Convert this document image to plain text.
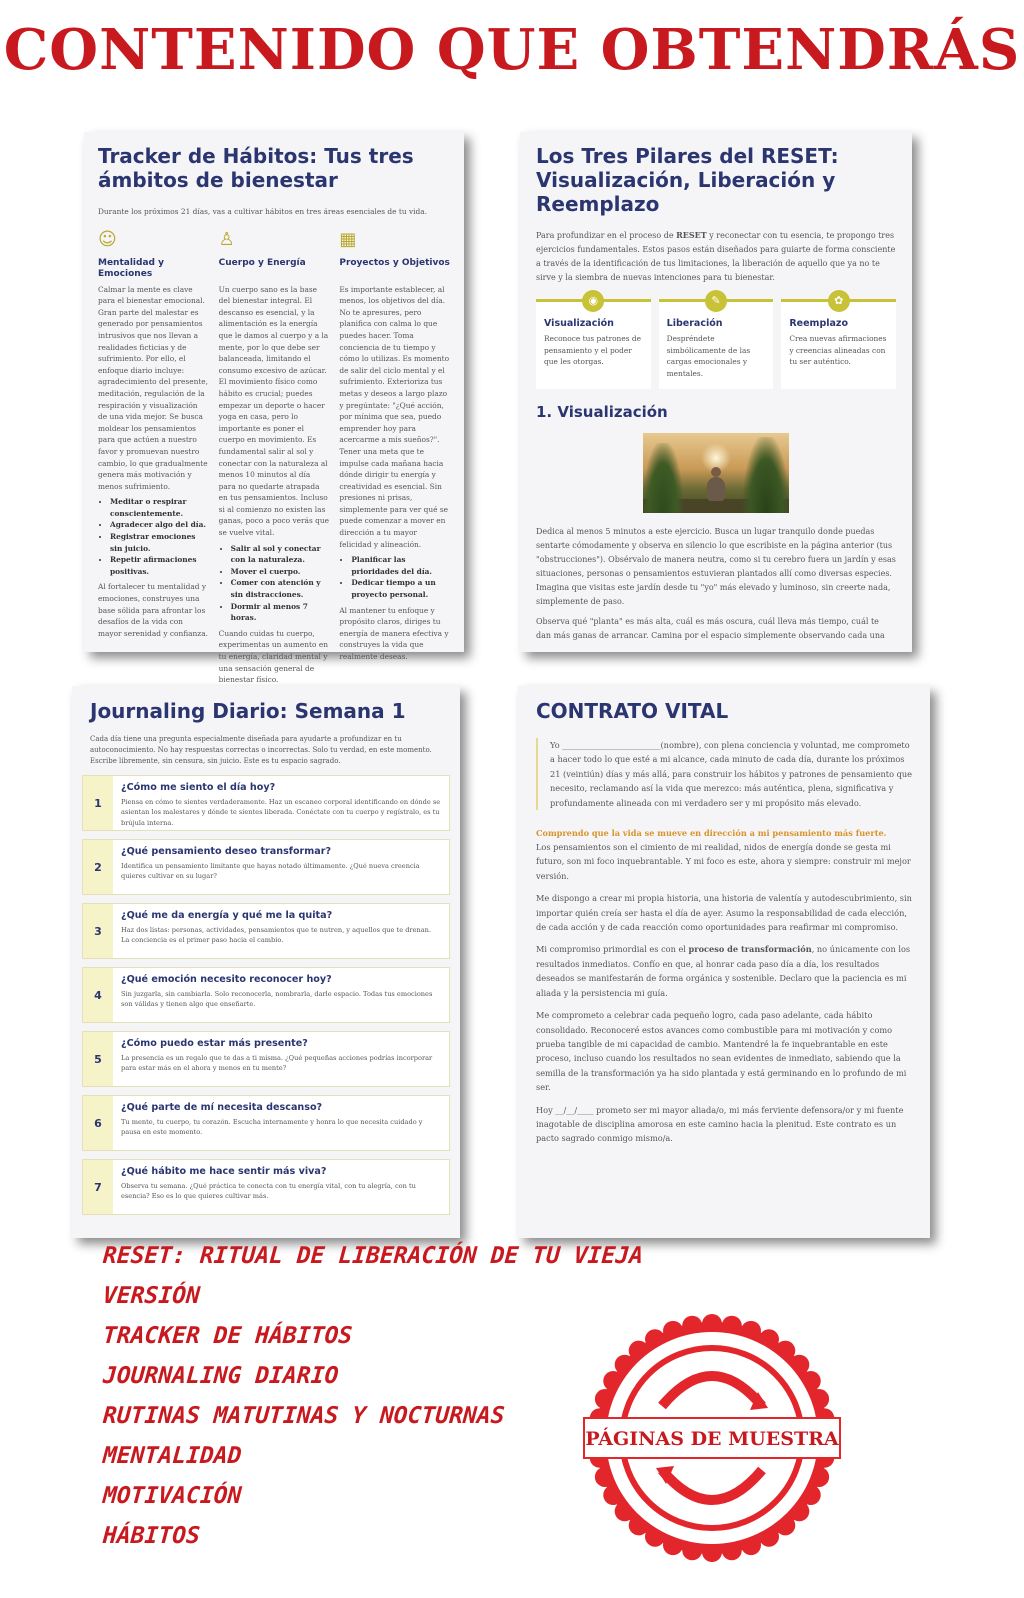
CONTENIDO QUE OBTENDRÁS
Tracker de Hábitos: Tus tres ámbitos de bienestar
Durante los próximos 21 días, vas a cultivar hábitos en tres áreas esenciales de tu vida.
☺
Mentalidad y Emociones
Calmar la mente es clave para el bienestar emocional. Gran parte del malestar es generado por pensamientos intrusivos que nos llevan a realidades ficticias y de sufrimiento. Por ello, el enfoque diario incluye: agradecimiento del presente, meditación, regulación de la respiración y visualización de una vida mejor. Se busca moldear los pensamientos para que actúen a nuestro favor y promuevan nuestro cambio, lo que gradualmente genera más motivación y menos sufrimiento.
• Meditar o respirar conscientemente.
• Agradecer algo del día.
• Registrar emociones sin juicio.
• Repetir afirmaciones positivas.
Al fortalecer tu mentalidad y emociones, construyes una base sólida para afrontar los desafíos de la vida con mayor serenidad y confianza.
♙
Cuerpo y Energía
Un cuerpo sano es la base del bienestar integral. El descanso es esencial, y la alimentación es la energía que le damos al cuerpo y a la mente, por lo que debe ser balanceada, limitando el consumo excesivo de azúcar. El movimiento físico como hábito es crucial; puedes empezar un deporte o hacer yoga en casa, pero lo importante es poner el cuerpo en movimiento. Es fundamental salir al sol y conectar con la naturaleza al menos 10 minutos al día para no quedarte atrapada en tus pensamientos. Incluso si al comienzo no existen las ganas, poco a poco verás que se vuelve vital.
• Salir al sol y conectar con la naturaleza.
• Mover el cuerpo.
• Comer con atención y sin distracciones.
• Dormir al menos 7 horas.
Cuando cuidas tu cuerpo, experimentas un aumento en tu energía, claridad mental y una sensación general de bienestar físico.
▦
Proyectos y Objetivos
Es importante establecer, al menos, los objetivos del día. No te apresures, pero planifica con calma lo que puedes hacer. Toma conciencia de tu tiempo y cómo lo utilizas. Es momento de salir del ciclo mental y el sufrimiento. Exterioriza tus metas y deseos a largo plazo y pregúntate: "¿Qué acción, por mínima que sea, puedo emprender hoy para acercarme a mis sueños?". Tener una meta que te impulse cada mañana hacia dónde dirigir tu energía y creatividad es esencial. Sin presiones ni prisas, simplemente para ver qué se puede comenzar a mover en dirección a tu mayor felicidad y alineación.
• Planificar las prioridades del día.
• Dedicar tiempo a un proyecto personal.
Al mantener tu enfoque y propósito claros, diriges tu energía de manera efectiva y construyes la vida que realmente deseas.
Los Tres Pilares del RESET: Visualización, Liberación y Reemplazo
Para profundizar en el proceso de RESET y reconectar con tu esencia, te propongo tres ejercicios fundamentales. Estos pasos están diseñados para guiarte de forma consciente a través de la identificación de tus limitaciones, la liberación de aquello que ya no te sirve y la siembra de nuevas intenciones para tu bienestar.
◉
Visualización
Reconoce tus patrones de pensamiento y el poder que les otorgas.
✎
Liberación
Despréndete simbólicamente de las cargas emocionales y mentales.
✿
Reemplazo
Crea nuevas afirmaciones y creencias alineadas con tu ser auténtico.
1. Visualización

Dedica al menos 5 minutos a este ejercicio. Busca un lugar tranquilo donde puedas sentarte cómodamente y observa en silencio lo que escribiste en la página anterior (tus "obstrucciones"). Obsérvalo de manera neutra, como si tu cerebro fuera un jardín y esas situaciones, personas o pensamientos estuvieran plantados allí como diversas especies. Imagina que visitas este jardín desde tu "yo" más elevado y luminoso, sin creerte nada, simplemente de paso.

Observa qué "planta" es más alta, cuál es más oscura, cuál lleva más tiempo, cuál te dan más ganas de arrancar. Camina por el espacio simplemente observando cada una

Journaling Diario: Semana 1
Cada día tiene una pregunta especialmente diseñada para ayudarte a profundizar en tu autoconocimiento. No hay respuestas correctas o incorrectas. Solo tu verdad, en este momento. Escribe libremente, sin censura, sin juicio. Este es tu espacio sagrado.
1
¿Cómo me siento el día hoy?
Piensa en cómo te sientes verdaderamente. Haz un escaneo corporal identificando en dónde se asientan los malestares y dónde te sientes liberada. Conéctate con tu cuerpo y regístralo, es tu brújula interna.
2
¿Qué pensamiento deseo transformar?
Identifica un pensamiento limitante que hayas notado últimamente. ¿Qué nueva creencia quieres cultivar en su lugar?
3
¿Qué me da energía y qué me la quita?
Haz dos listas: personas, actividades, pensamientos que te nutren, y aquellos que te drenan. La conciencia es el primer paso hacia el cambio.
4
¿Qué emoción necesito reconocer hoy?
Sin juzgarla, sin cambiarla. Solo reconocerla, nombrarla, darle espacio. Todas tus emociones son válidas y tienen algo que enseñarte.
5
¿Cómo puedo estar más presente?
La presencia es un regalo que te das a ti misma. ¿Qué pequeñas acciones podrías incorporar para estar más en el ahora y menos en tu mente?
6
¿Qué parte de mí necesita descanso?
Tu mente, tu cuerpo, tu corazón. Escucha internamente y honra lo que necesita cuidado y pausa en este momento.
7
¿Qué hábito me hace sentir más viva?
Observa tu semana. ¿Qué práctica te conecta con tu energía vital, con tu alegría, con tu esencia? Eso es lo que quieres cultivar más.
CONTRATO VITAL
Yo ________________________(nombre), con plena conciencia y voluntad, me comprometo a hacer todo lo que esté a mi alcance, cada minuto de cada día, durante los próximos 21 (veintiún) días y más allá, para construir los hábitos y patrones de pensamiento que necesito, reclamando así la vida que merezco: más auténtica, plena, significativa y profundamente alineada con mi verdadero ser y mi propósito más elevado.
Comprendo que la vida se mueve en dirección a mi pensamiento más fuerte.

Los pensamientos son el cimiento de mi realidad, nidos de energía donde se gesta mi futuro, son mi foco inquebrantable. Y mi foco es este, ahora y siempre: construir mi mejor versión.

Me dispongo a crear mi propia historia, una historia de valentía y autodescubrimiento, sin importar quién creía ser hasta el día de ayer. Asumo la responsabilidad de cada elección, de cada acción y de cada reacción como oportunidades para reafirmar mi compromiso.

Mi compromiso primordial es con el proceso de transformación, no únicamente con los resultados inmediatos. Confío en que, al honrar cada paso día a día, los resultados deseados se manifestarán de forma orgánica y sostenible. Declaro que la paciencia es mi aliada y la persistencia mi guía.

Me comprometo a celebrar cada pequeño logro, cada paso adelante, cada hábito consolidado. Reconoceré estos avances como combustible para mi motivación y como prueba tangible de mi capacidad de cambio. Mantendré la fe inquebrantable en este proceso, incluso cuando los resultados no sean evidentes de inmediato, sabiendo que la semilla de la transformación ya ha sido plantada y está germinando en lo profundo de mi ser.

Hoy __/__/____ prometo ser mi mayor aliada/o, mi más ferviente defensora/or y mi fuente inagotable de disciplina amorosa en este camino hacia la plenitud. Este contrato es un pacto sagrado conmigo mismo/a.

RESET: RITUAL DE LIBERACIÓN DE TU VIEJA
VERSIÓN
TRACKER DE HÁBITOS
JOURNALING DIARIO
RUTINAS MATUTINAS Y NOCTURNAS
MENTALIDAD
MOTIVACIÓN
HÁBITOS
PÁGINAS DE MUESTRA
